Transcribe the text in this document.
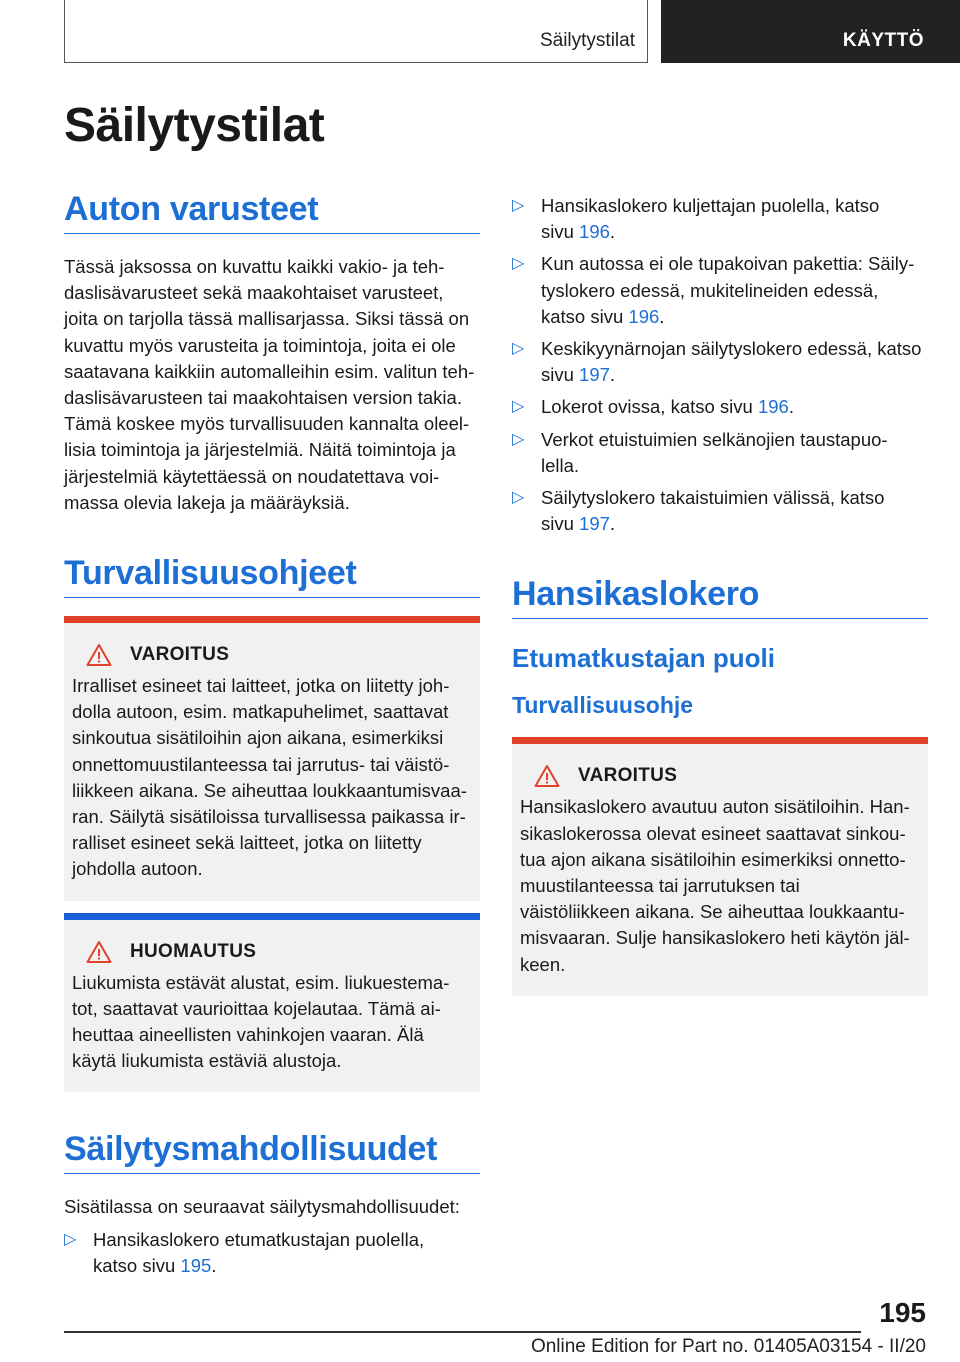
Säilytystilat	KÄYTTÖ
Säilytystilat
Auton varusteet

Tässä jaksossa on kuvattu kaikki vakio- ja teh-
daslisävarusteet sekä maakohtaiset varusteet,
joita on tarjolla tässä mallisarjassa. Siksi tässä on
kuvattu myös varusteita ja toimintoja, joita ei ole
saatavana kaikkiin automalleihin esim. valitun teh-
daslisävarusteen tai maakohtaisen version takia.
Tämä koskee myös turvallisuuden kannalta oleel-
lisia toimintoja ja järjestelmiä. Näitä toimintoja ja
järjestelmiä käytettäessä on noudatettava voi-
massa olevia lakeja ja määräyksiä.

Turvallisuusohjeet
VAROITUS

Irralliset esineet tai laitteet, jotka on liitetty joh-
dolla autoon, esim. matkapuhelimet, saattavat
sinkoutua sisätiloihin ajon aikana, esimerkiksi
onnettomuustilanteessa tai jarrutus- tai väistö-
liikkeen aikana. Se aiheuttaa loukkaantumisvaa-
ran. Säilytä sisätiloissa turvallisessa paikassa ir-
ralliset esineet sekä laitteet, jotka on liitetty
johdolla autoon.

HUOMAUTUS

Liukumista estävät alustat, esim. liukuestema-
tot, saattavat vaurioittaa kojelautaa. Tämä ai-
heuttaa aineellisten vahinkojen vaaran. Älä
käytä liukumista estäviä alustoja.

Säilytysmahdollisuudet

Sisätilassa on seuraavat säilytysmahdollisuudet:

▷ Hansikaslokero etumatkustajan puolella,
katso sivu 195.
▷ Hansikaslokero kuljettajan puolella, katso
sivu 196.
▷ Kun autossa ei ole tupakoivan pakettia: Säily-
tyslokero edessä, mukitelineiden edessä,
katso sivu 196.
▷ Keskikyynärnojan säilytyslokero edessä, katso
sivu 197.
▷ Lokerot ovissa, katso sivu 196.
▷ Verkot etuistuimien selkänojien taustapuo-
lella.
▷ Säilytyslokero takaistuimien välissä, katso
sivu 197.
Hansikaslokero
Etumatkustajan puoli
Turvallisuusohje
VAROITUS

Hansikaslokero avautuu auton sisätiloihin. Han-
sikaslokerossa olevat esineet saattavat sinkou-
tua ajon aikana sisätiloihin esimerkiksi onnetto-
muustilanteessa tai jarrutuksen tai
väistöliikkeen aikana. Se aiheuttaa loukkaantu-
misvaaran. Sulje hansikaslokero heti käytön jäl-
keen.

195
Online Edition for Part no. 01405A03154 - II/20
